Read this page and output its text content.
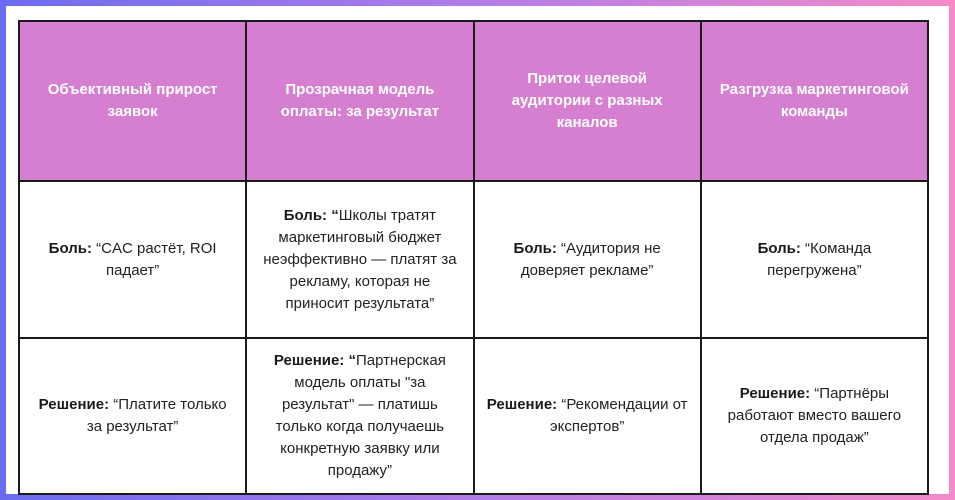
Объективный прирост заявок	Прозрачная модель оплаты: за результат	Приток целевой аудитории с разных каналов	Разгрузка маркетинговой команды
Боль: “CAC растёт, ROI падает”	Боль: “Школы тратят маркетинговый бюджет неэффективно — платят за рекламу, которая не приносит результата”	Боль: “Аудитория не доверяет рекламе”	Боль: “Команда перегружена”
Решение: “Платите только за результат”	Решение: “Партнерская модель оплаты "за результат" — платишь только когда получаешь конкретную заявку или продажу”	Решение: “Рекомендации от экспертов”	Решение: “Партнёры работают вместо вашего отдела продаж”
